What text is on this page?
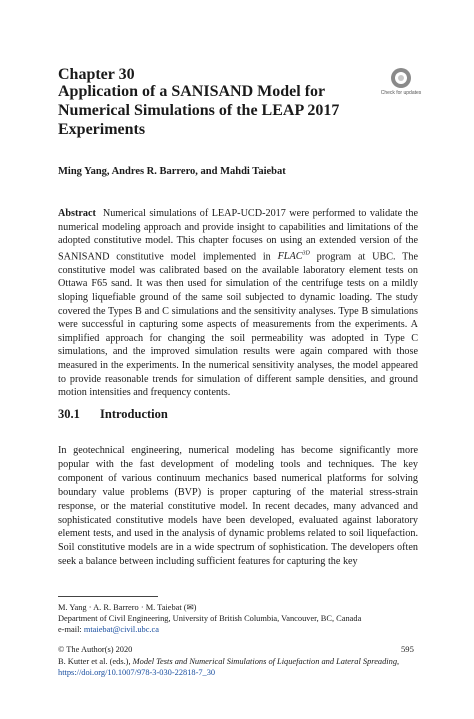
Chapter 30
Application of a SANISAND Model for Numerical Simulations of the LEAP 2017 Experiments
Check for updates
Ming Yang, Andres R. Barrero, and Mahdi Taiebat
Abstract Numerical simulations of LEAP-UCD-2017 were performed to validate the numerical modeling approach and provide insight to capabilities and limitations of the adopted constitutive model. This chapter focuses on using an extended version of the SANISAND constitutive model implemented in $FLAC^{3D}$ program at UBC. The constitutive model was calibrated based on the available laboratory element tests on Ottawa F65 sand. It was then used for simulation of the centrifuge tests on a mildly sloping liquefiable ground of the same soil subjected to dynamic loading. The study covered the Types B and C simulations and the sensitivity analyses. Type B simulations were successful in capturing some aspects of measurements from the experiments. A simplified approach for changing the soil permeability was adopted in Type C simulations, and the improved simulation results were again compared with those measured in the experiments. In the numerical sensitivity analyses, the model appeared to provide reasonable trends for simulation of different sample densities, and ground motion intensities and frequency contents.
30.1 Introduction
In geotechnical engineering, numerical modeling has become significantly more popular with the fast development of modeling tools and techniques. The key component of various continuum mechanics based numerical platforms for solving boundary value problems (BVP) is proper capturing of the material stress-strain response, or the material constitutive model. In recent decades, many advanced and sophisticated constitutive models have been developed, evaluated against laboratory element tests, and used in the analysis of dynamic problems related to soil liquefaction. Soil constitutive models are in a wide spectrum of sophistication. The developers often seek a balance between including sufficient features for capturing the key
M. Yang · A. R. Barrero · M. Taiebat (✉)
Department of Civil Engineering, University of British Columbia, Vancouver, BC, Canada
e-mail: mtaiebat@civil.ubc.ca
© The Author(s) 2020
B. Kutter et al. (eds.), Model Tests and Numerical Simulations of Liquefaction and Lateral Spreading, https://doi.org/10.1007/978-3-030-22818-7_30
595
